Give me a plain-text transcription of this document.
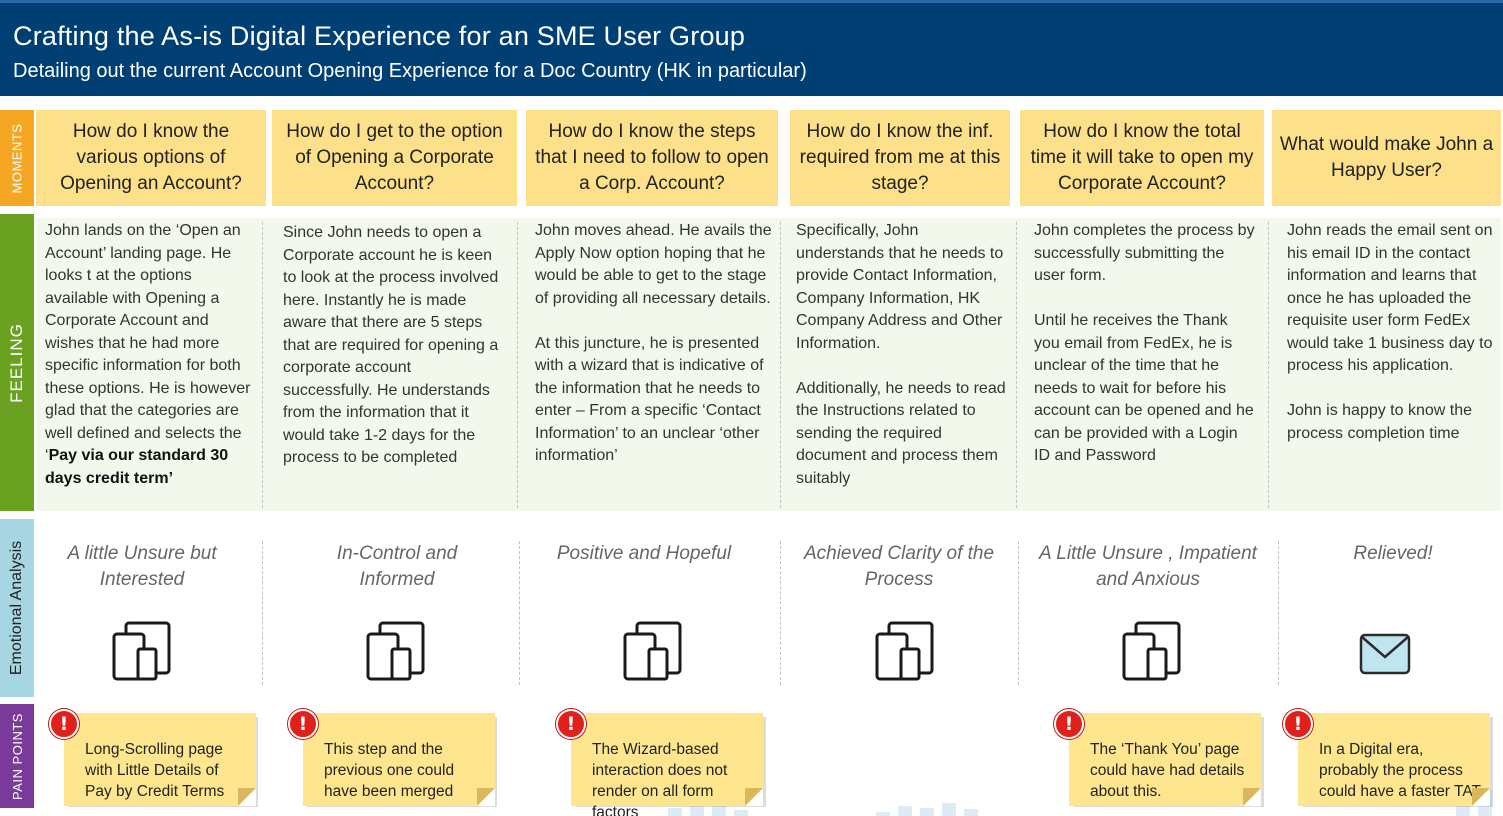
Crafting the As-is Digital Experience for an SME User Group
Detailing out the current Account Opening Experience for a Doc Country (HK in particular)
MOMENTS
FEELING
Emotional Analysis
PAIN POINTS
How do I know the various options of Opening an Account?
How do I get to the option of Opening a Corporate Account?
How do I know the steps that I need to follow to open a Corp. Account?
How do I know the inf. required from me at this stage?
How do I know the total time it will take to open my Corporate Account?
What would make John a Happy User?
John lands on the ‘Open an Account’ landing page. He looks t at the options available with Opening a Corporate Account and wishes that he had more specific information for both these options. He is however glad that the categories are well defined and selects the ‘Pay via our standard 30 days credit term’
Since John needs to open a Corporate account he is keen to look at the process involved here. Instantly he is made aware that there are 5 steps that are required for opening a corporate account successfully. He understands from the information that it would take 1-2 days for the process to be completed
John moves ahead. He avails the Apply Now option hoping that he would be able to get to the stage of providing all necessary details.

At this juncture, he is presented with a wizard that is indicative of the information that he needs to enter – From a specific ‘Contact Information’ to an unclear ‘other information’
Specifically, John understands that he needs to provide Contact Information, Company Information, HK Company Address and Other Information.

Additionally, he needs to read the Instructions related to sending the required document and process them suitably
John completes the process by successfully submitting the user form.

Until he receives the Thank you email from FedEx, he is unclear of the time that he needs to wait for before his account can be opened and he can be provided with a Login ID and Password
John reads the email sent on his email ID in the contact information and learns that once he has uploaded the requisite user form FedEx would take 1 business day to process his application.

John is happy to know the process completion time
A little Unsure but Interested
In-Control and Informed
Positive and Hopeful	Achieved Clarity of the Process
A Little Unsure , Impatient and Anxious
Relieved!

Long-Scrolling page with Little Details of Pay by Credit Terms

!

This step and the previous one could have been merged

!

The Wizard-based interaction does not render on all form factors

!

The ‘Thank You’ page could have had details about this.

!

In a Digital era, probably the process could have a faster TAT

!
